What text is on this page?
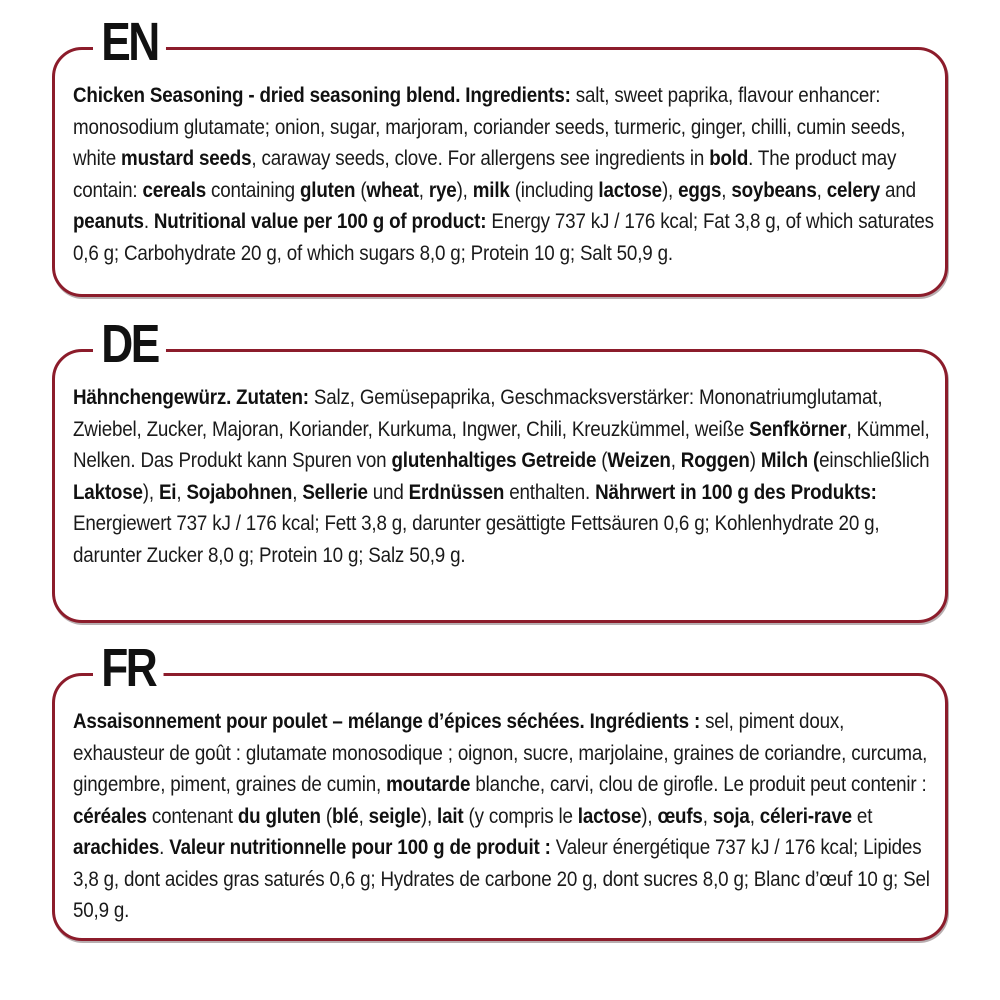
EN
Chicken Seasoning - dried seasoning blend. Ingredients: salt, sweet paprika, flavour enhancer: monosodium glutamate; onion, sugar, marjoram, coriander seeds, turmeric, ginger, chilli, cumin seeds, white mustard seeds, caraway seeds, clove. For allergens see ingredients in bold. The product may contain: cereals containing gluten (wheat, rye), milk (including lactose), eggs, soybeans, celery and peanuts. Nutritional value per 100 g of product: Energy 737 kJ / 176 kcal; Fat 3,8 g, of which saturates 0,6 g; Carbohydrate 20 g, of which sugars 8,0 g; Protein 10 g; Salt 50,9 g.
DE
Hähnchengewürz. Zutaten: Salz, Gemüsepaprika, Geschmacksverstärker: Mononatriumglutamat, Zwiebel, Zucker, Majoran, Koriander, Kurkuma, Ingwer, Chili, Kreuzkümmel, weiße Senfkörner, Kümmel, Nelken. Das Produkt kann Spuren von glutenhaltiges Getreide (Weizen, Roggen) Milch (einschließlich Laktose), Ei, Sojabohnen, Sellerie und Erdnüssen enthalten. Nährwert in 100 g des Produkts: Energiewert 737 kJ / 176 kcal; Fett 3,8 g, darunter gesättigte Fettsäuren 0,6 g; Kohlenhydrate 20 g, darunter Zucker 8,0 g; Protein 10 g; Salz 50,9 g.
FR
Assaisonnement pour poulet – mélange d’épices séchées. Ingrédients : sel, piment doux, exhausteur de goût : glutamate monosodique ; oignon, sucre, marjolaine, graines de coriandre, curcuma, gingembre, piment, graines de cumin, moutarde blanche, carvi, clou de girofle. Le produit peut contenir : céréales contenant du gluten (blé, seigle), lait (y compris le lactose), œufs, soja, céleri-rave et arachides. Valeur nutritionnelle pour 100 g de produit : Valeur énergétique 737 kJ / 176 kcal; Lipides 3,8 g, dont acides gras saturés 0,6 g; Hydrates de carbone 20 g, dont sucres 8,0 g; Blanc d’œuf 10 g; Sel 50,9 g.
